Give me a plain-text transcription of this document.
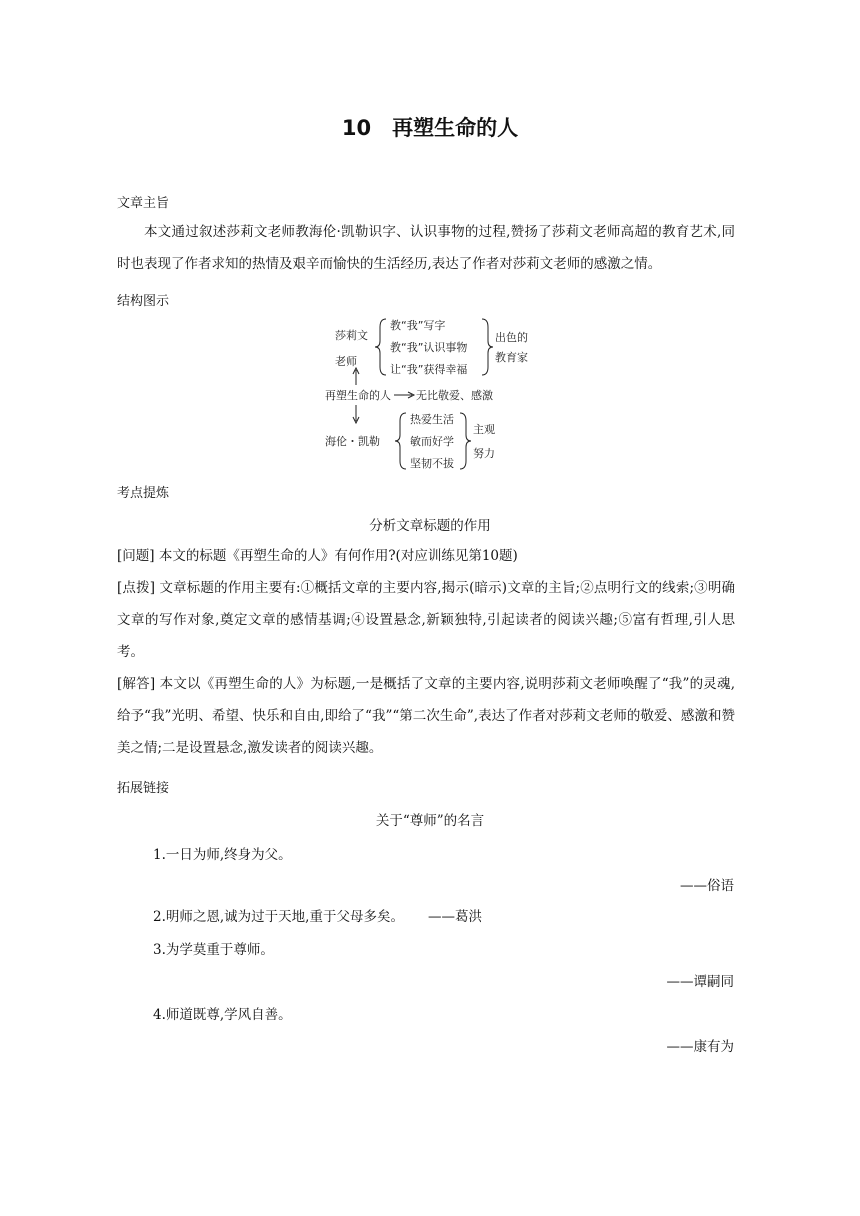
10　再塑生命的人
文章主旨
本文通过叙述莎莉文老师教海伦·凯勒识字、认识事物的过程,赞扬了莎莉文老师高超的教育艺术,同时也表现了作者求知的热情及艰辛而愉快的生活经历,表达了作者对莎莉文老师的感激之情。
结构图示
莎莉文
老师
教“我”写字
教“我”认识事物
让“我”获得幸福
出色的
教育家
再塑生命的人 无比敬爱、感激
海伦・凯勒
热爱生活
敏而好学
坚韧不拔
主观
努力
考点提炼
分析文章标题的作用
[问题] 本文的标题《再塑生命的人》有何作用?(对应训练见第10题)
[点拨] 文章标题的作用主要有:①概括文章的主要内容,揭示(暗示)文章的主旨;②点明行文的线索;③明确文章的写作对象,奠定文章的感情基调;④设置悬念,新颖独特,引起读者的阅读兴趣;⑤富有哲理,引人思考。
[解答] 本文以《再塑生命的人》为标题,一是概括了文章的主要内容,说明莎莉文老师唤醒了“我”的灵魂,给予“我”光明、希望、快乐和自由,即给了“我”“第二次生命”,表达了作者对莎莉文老师的敬爱、感激和赞美之情;二是设置悬念,激发读者的阅读兴趣。
拓展链接
关于“尊师”的名言
1.一日为师,终身为父。
——俗语
2.明师之恩,诚为过于天地,重于父母多矣。 ——葛洪
3.为学莫重于尊师。
——谭嗣同
4.师道既尊,学风自善。
——康有为
